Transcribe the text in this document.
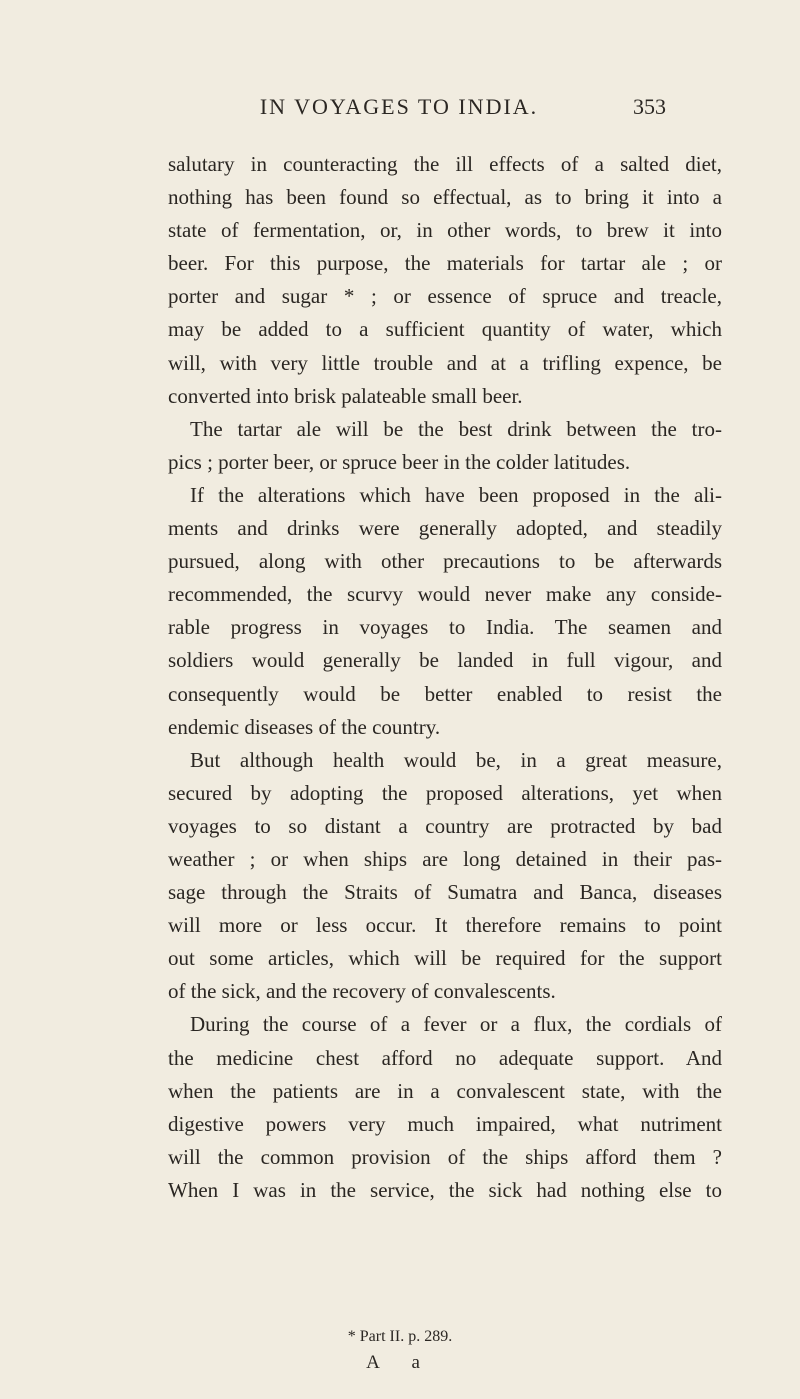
IN VOYAGES TO INDIA.	353
salutary in counteracting the ill effects of a salted diet,
nothing has been found so effectual, as to bring it into a
state of fermentation, or, in other words, to brew it into
beer. For this purpose, the materials for tartar ale ; or
porter and sugar * ; or essence of spruce and treacle,
may be added to a sufficient quantity of water, which
will, with very little trouble and at a trifling expence, be
converted into brisk palateable small beer.
The tartar ale will be the best drink between the tro-
pics ; porter beer, or spruce beer in the colder latitudes.
If the alterations which have been proposed in the ali-
ments and drinks were generally adopted, and steadily
pursued, along with other precautions to be afterwards
recommended, the scurvy would never make any conside-
rable progress in voyages to India. The seamen and
soldiers would generally be landed in full vigour, and
consequently would be better enabled to resist the
endemic diseases of the country.
But although health would be, in a great measure,
secured by adopting the proposed alterations, yet when
voyages to so distant a country are protracted by bad
weather ; or when ships are long detained in their pas-
sage through the Straits of Sumatra and Banca, diseases
will more or less occur. It therefore remains to point
out some articles, which will be required for the support
of the sick, and the recovery of convalescents.
During the course of a fever or a flux, the cordials of
the medicine chest afford no adequate support. And
when the patients are in a convalescent state, with the
digestive powers very much impaired, what nutriment
will the common provision of the ships afford them ?
When I was in the service, the sick had nothing else to
* Part II. p. 289.
A a
